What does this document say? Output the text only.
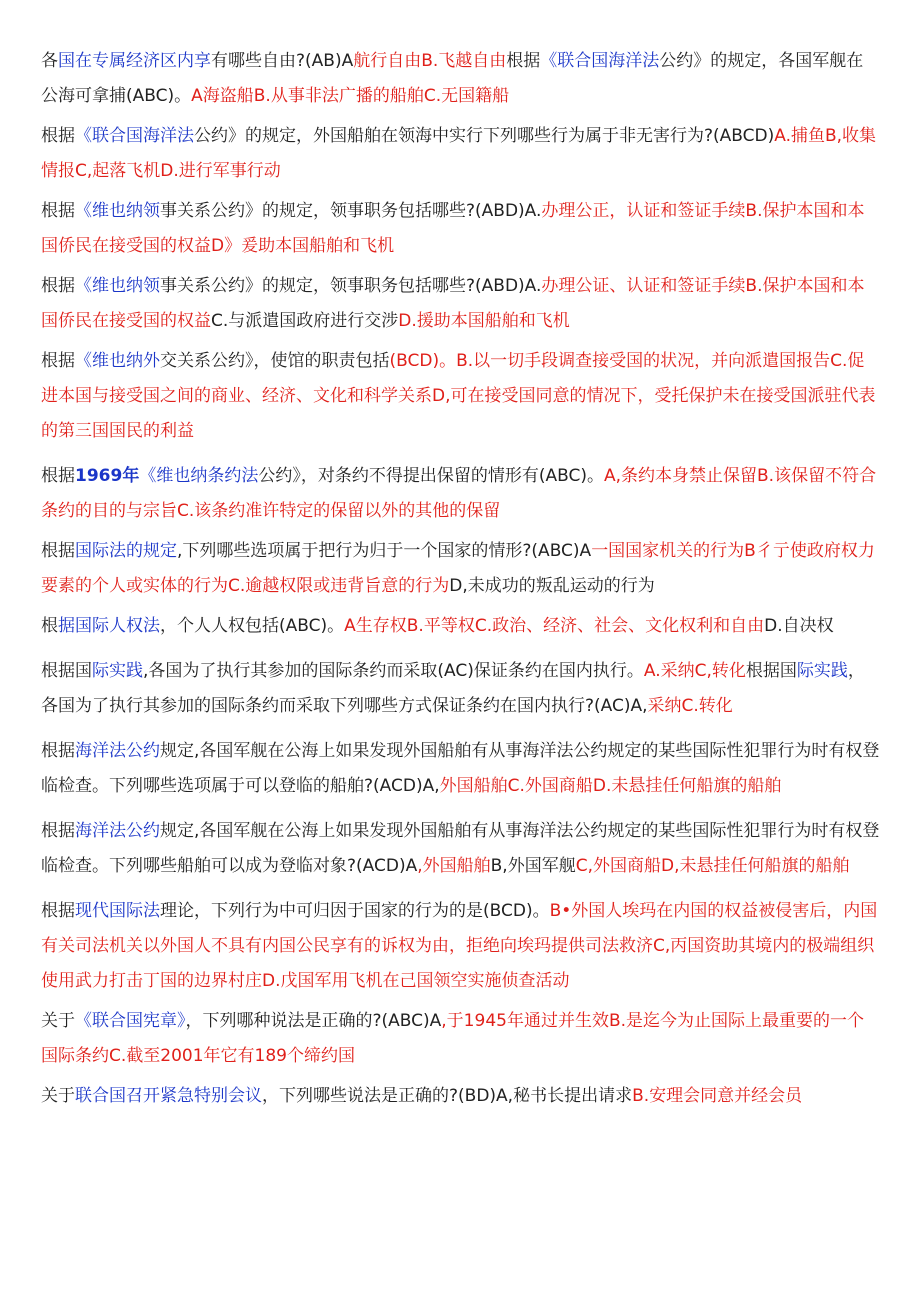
各国在专属经济区内享有哪些自由?(AB)A航行自由B.飞越自由根据《联合国海洋法公约》的规定，各国军舰在公海可拿捕(ABC)。A海盗船B.从事非法广播的船舶C.无国籍船

根据《联合国海洋法公约》的规定，外国船舶在领海中实行下列哪些行为属于非无害行为?(ABCD)A.捕鱼B,收集情报C,起落飞机D.进行军事行动

根据《维也纳领事关系公约》的规定，领事职务包括哪些?(ABD)A.办理公正，认证和签证手续B.保护本国和本国侨民在接受国的权益D》爰助本国船舶和飞机

根据《维也纳领事关系公约》的规定，领事职务包括哪些?(ABD)A.办理公证、认证和签证手续B.保护本国和本国侨民在接受国的权益C.与派遣国政府进行交涉D.援助本国船舶和飞机

根据《维也纳外交关系公约》，使馆的职责包括(BCD)。B.以一切手段调查接受国的状况，并向派遣国报告C.促进本国与接受国之间的商业、经济、文化和科学关系D,可在接受国同意的情况下，受托保护未在接受国派驻代表的第三国国民的利益

根据1969年《维也纳条约法公约》，对条约不得提出保留的情形有(ABC)。A,条约本身禁止保留B.该保留不符合条约的目的与宗旨C.该条约准许特定的保留以外的其他的保留

根据国际法的规定,下列哪些选项属于把行为归于一个国家的情形?(ABC)A一国国家机关的行为B彳亍使政府权力要素的个人或实体的行为C.逾越权限或违背旨意的行为D,未成功的叛乱运动的行为

根据国际人权法，个人人权包括(ABC)。A生存权B.平等权C.政治、经济、社会、文化权利和自由D.自决权

根据国际实践,各国为了执行其参加的国际条约而采取(AC)保证条约在国内执行。A.采纳C,转化根据国际实践，各国为了执行其参加的国际条约而采取下列哪些方式保证条约在国内执行?(AC)A,采纳C.转化

根据海洋法公约规定,各国军舰在公海上如果发现外国船舶有从事海洋法公约规定的某些国际性犯罪行为时有权登临检查。下列哪些选项属于可以登临的船舶?(ACD)A,外国船舶C.外国商船D.未悬挂任何船旗的船舶

根据海洋法公约规定,各国军舰在公海上如果发现外国船舶有从事海洋法公约规定的某些国际性犯罪行为时有权登临检查。下列哪些船舶可以成为登临对象?(ACD)A,外国船舶B,外国军舰C,外国商船D,未悬挂任何船旗的船舶

根据现代国际法理论，下列行为中可归因于国家的行为的是(BCD)。B•外国人埃玛在内国的权益被侵害后，内国有关司法机关以外国人不具有内国公民享有的诉权为由，拒绝向埃玛提供司法救济C,丙国资助其境内的极端组织使用武力打击丁国的边界村庄D.戊国军用飞机在己国领空实施侦查活动

关于《联合国宪章》，下列哪种说法是正确的?(ABC)A,于1945年通过并生效B.是迄今为止国际上最重要的一个国际条约C.截至2001年它有189个缔约国

关于联合国召开紧急特别会议，下列哪些说法是正确的?(BD)A,秘书长提出请求B.安理会同意并经会员
